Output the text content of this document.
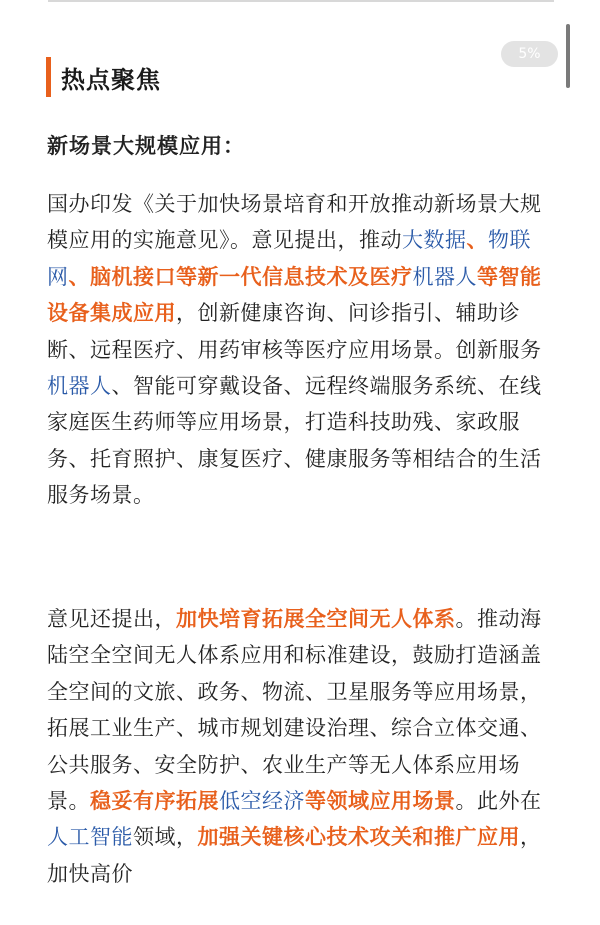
热点聚焦
5%
新场景大规模应用：

国办印发《关于加快场景培育和开放推动新场景大规模应用的实施意见》。意见提出，推动大数据、物联网、脑机接口等新一代信息技术及医疗机器人等智能设备集成应用，创新健康咨询、问诊指引、辅助诊断、远程医疗、用药审核等医疗应用场景。创新服务机器人、智能可穿戴设备、远程终端服务系统、在线家庭医生药师等应用场景，打造科技助残、家政服务、托育照护、康复医疗、健康服务等相结合的生活服务场景。

意见还提出，加快培育拓展全空间无人体系。推动海陆空全空间无人体系应用和标准建设，鼓励打造涵盖全空间的文旅、政务、物流、卫星服务等应用场景，拓展工业生产、城市规划建设治理、综合立体交通、公共服务、安全防护、农业生产等无人体系应用场景。稳妥有序拓展低空经济等领域应用场景。此外在人工智能领域，加强关键核心技术攻关和推广应用，加快高价
